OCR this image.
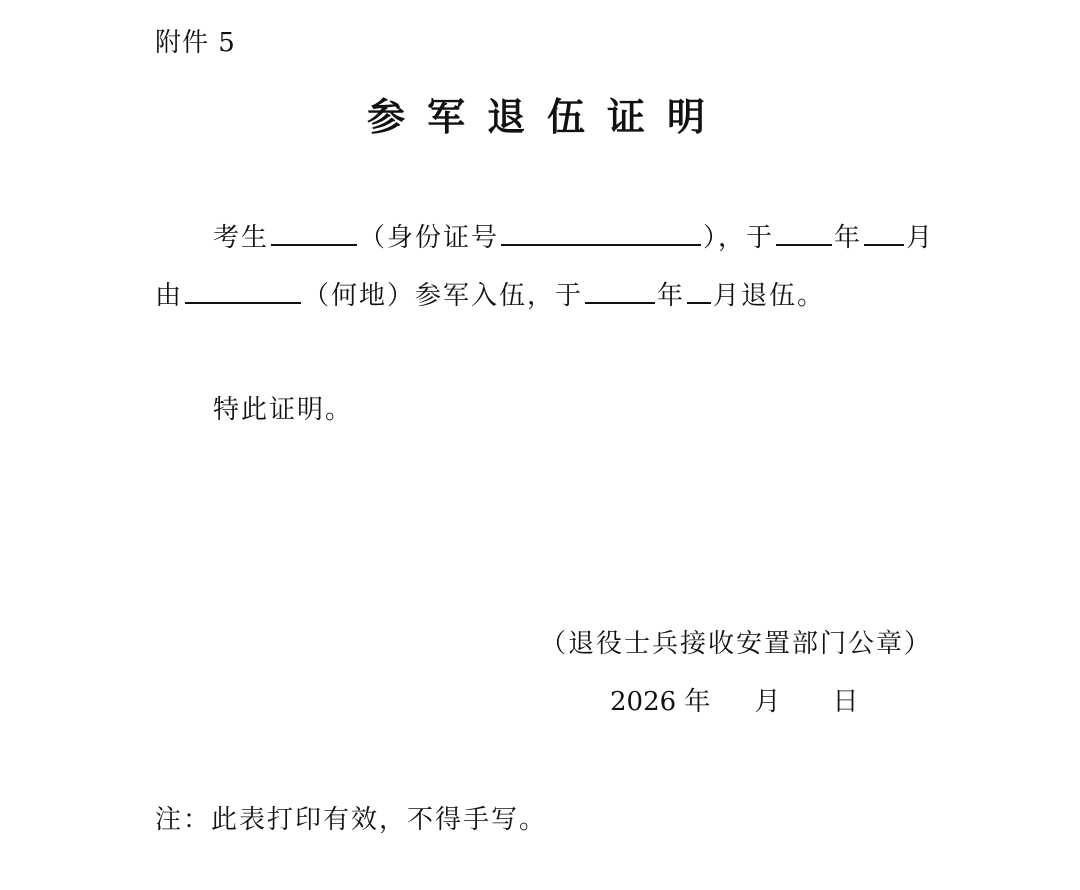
附件 5
参军退伍证明
考生	（身份证号	），于 年 月
由	（何地）参军入伍，于	年 月退伍。
特此证明。
（退役士兵接收安置部门公章）
2026 年 月 日
注：此表打印有效，不得手写。
